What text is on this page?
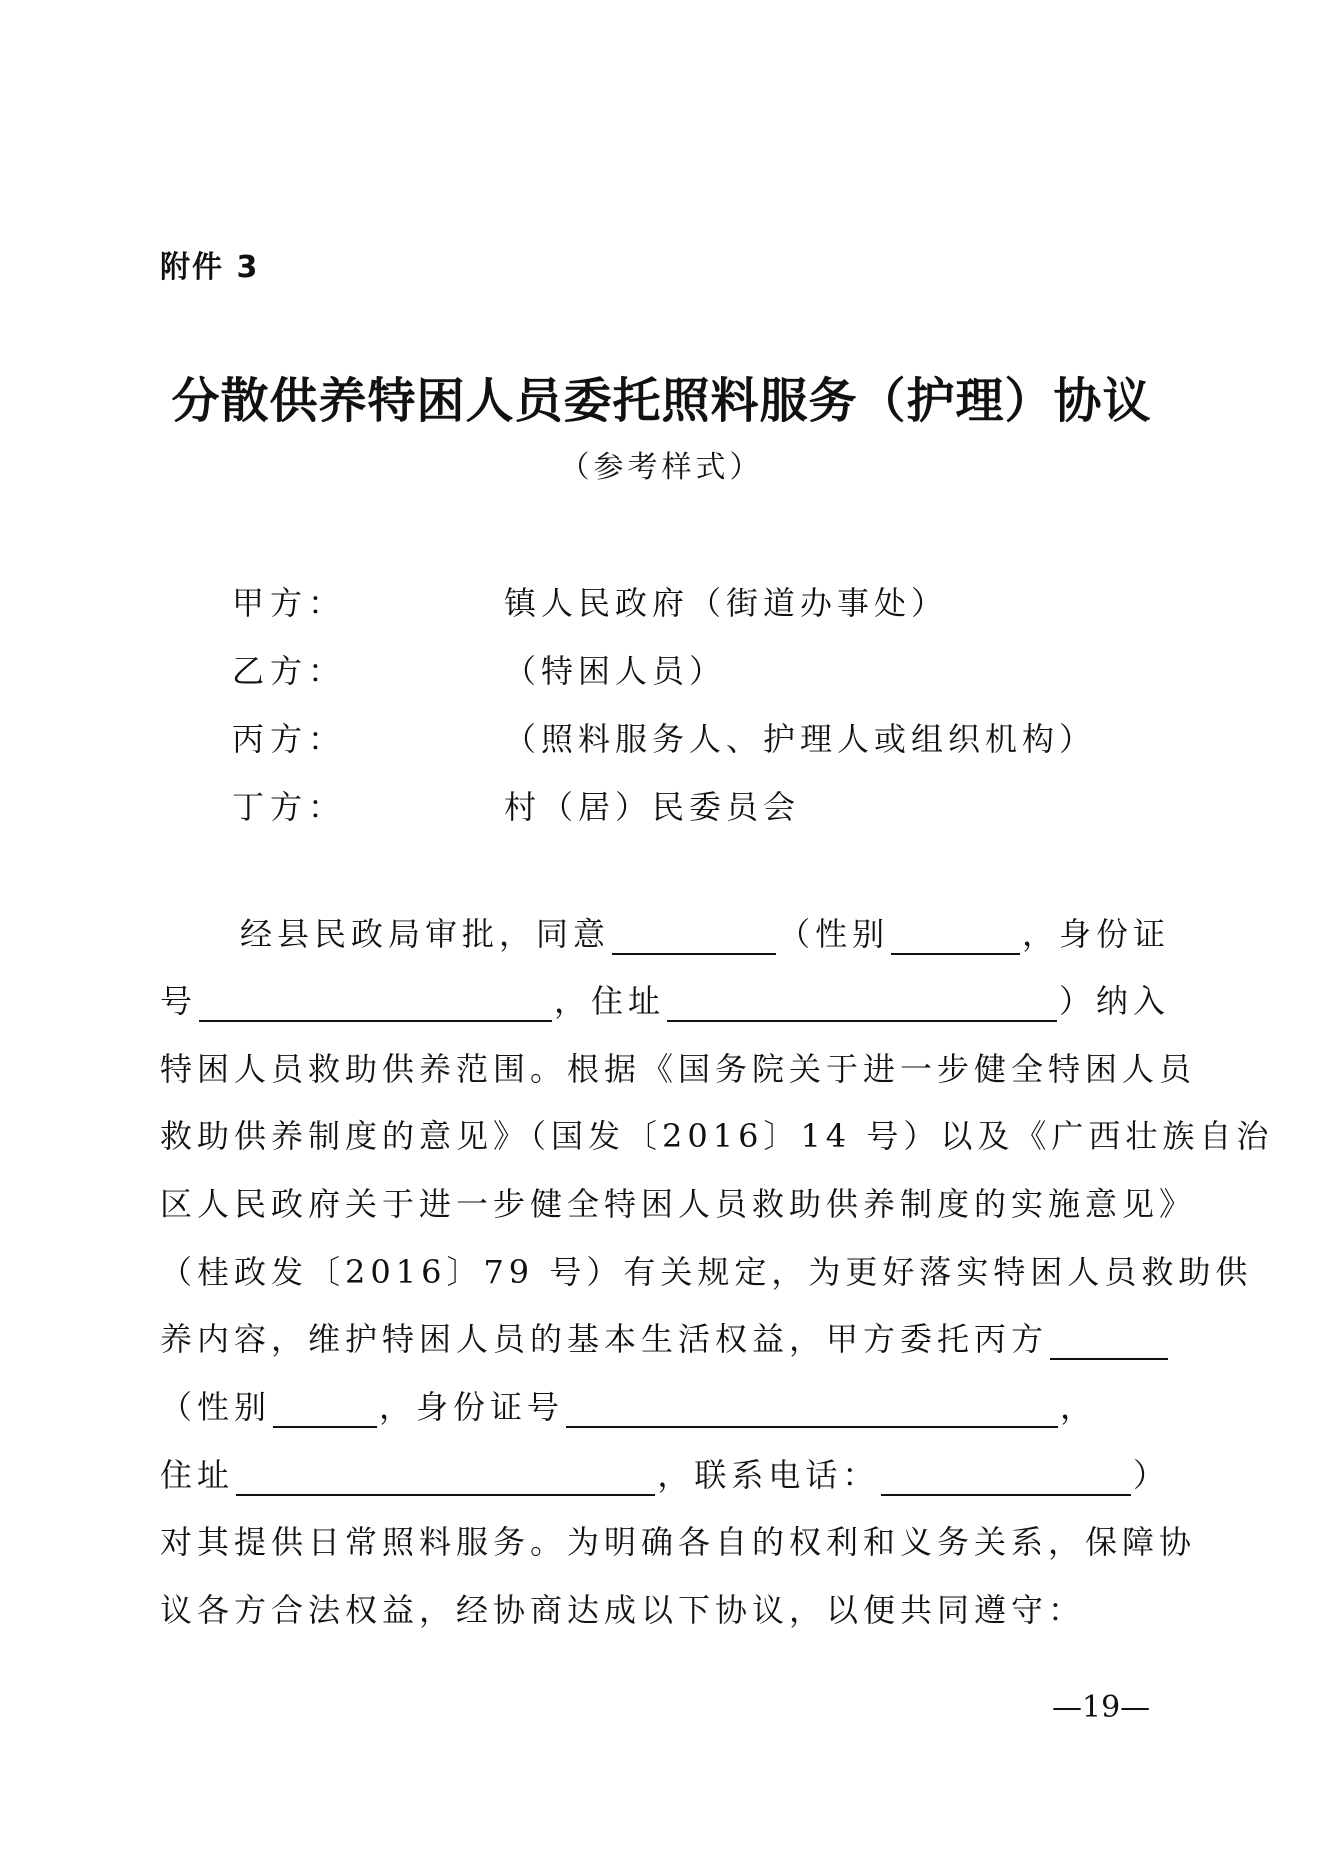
附件 3
分散供养特困人员委托照料服务（护理）协议
（参考样式）
甲方：	镇人民政府（街道办事处）
乙方：	（特困人员）
丙方：	（照料服务人、护理人或组织机构）
丁方：	村（居）民委员会
经县民政局审批，同意	（性别	，身份证
号	，住址	）纳入
特困人员救助供养范围。根据《国务院关于进一步健全特困人员
救助供养制度的意见》（国发〔2016〕14 号）以及《广西壮族自治
区人民政府关于进一步健全特困人员救助供养制度的实施意见》
（桂政发〔2016〕79 号）有关规定，为更好落实特困人员救助供
养内容，维护特困人员的基本生活权益，甲方委托丙方
（性别	，身份证号	，
住址	，联系电话：	）
对其提供日常照料服务。为明确各自的权利和义务关系，保障协
议各方合法权益，经协商达成以下协议，以便共同遵守：
—19—
